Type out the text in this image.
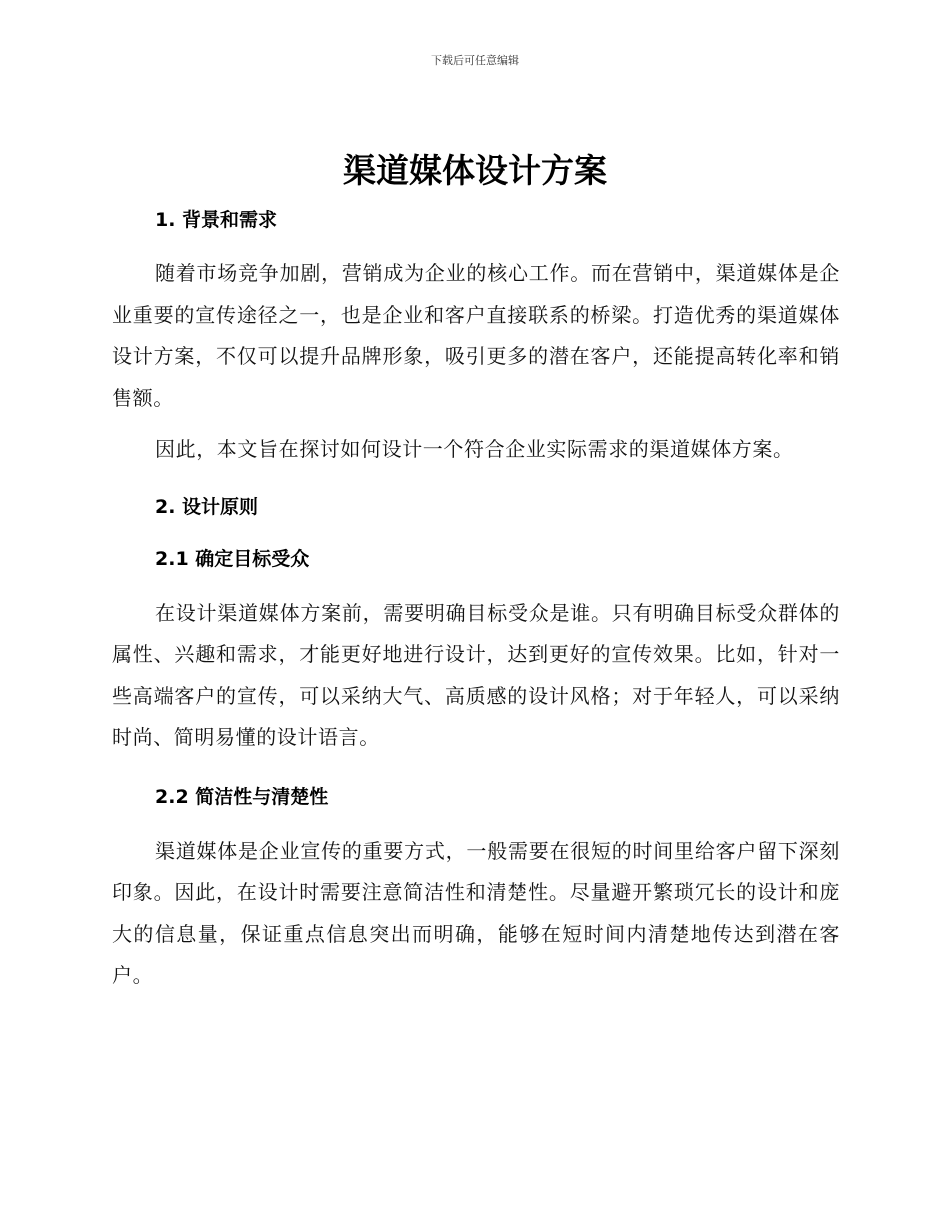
下载后可任意编辑
渠道媒体设计方案
1. 背景和需求

随着市场竞争加剧，营销成为企业的核心工作。而在营销中，渠道媒体是企业重要的宣传途径之一，也是企业和客户直接联系的桥梁。打造优秀的渠道媒体设计方案，不仅可以提升品牌形象，吸引更多的潜在客户，还能提高转化率和销售额。

因此，本文旨在探讨如何设计一个符合企业实际需求的渠道媒体方案。

2. 设计原则
2.1 确定目标受众

在设计渠道媒体方案前，需要明确目标受众是谁。只有明确目标受众群体的属性、兴趣和需求，才能更好地进行设计，达到更好的宣传效果。比如，针对一些高端客户的宣传，可以采纳大气、高质感的设计风格；对于年轻人，可以采纳时尚、简明易懂的设计语言。

2.2 简洁性与清楚性

渠道媒体是企业宣传的重要方式，一般需要在很短的时间里给客户留下深刻印象。因此，在设计时需要注意简洁性和清楚性。尽量避开繁琐冗长的设计和庞大的信息量，保证重点信息突出而明确，能够在短时间内清楚地传达到潜在客户。
